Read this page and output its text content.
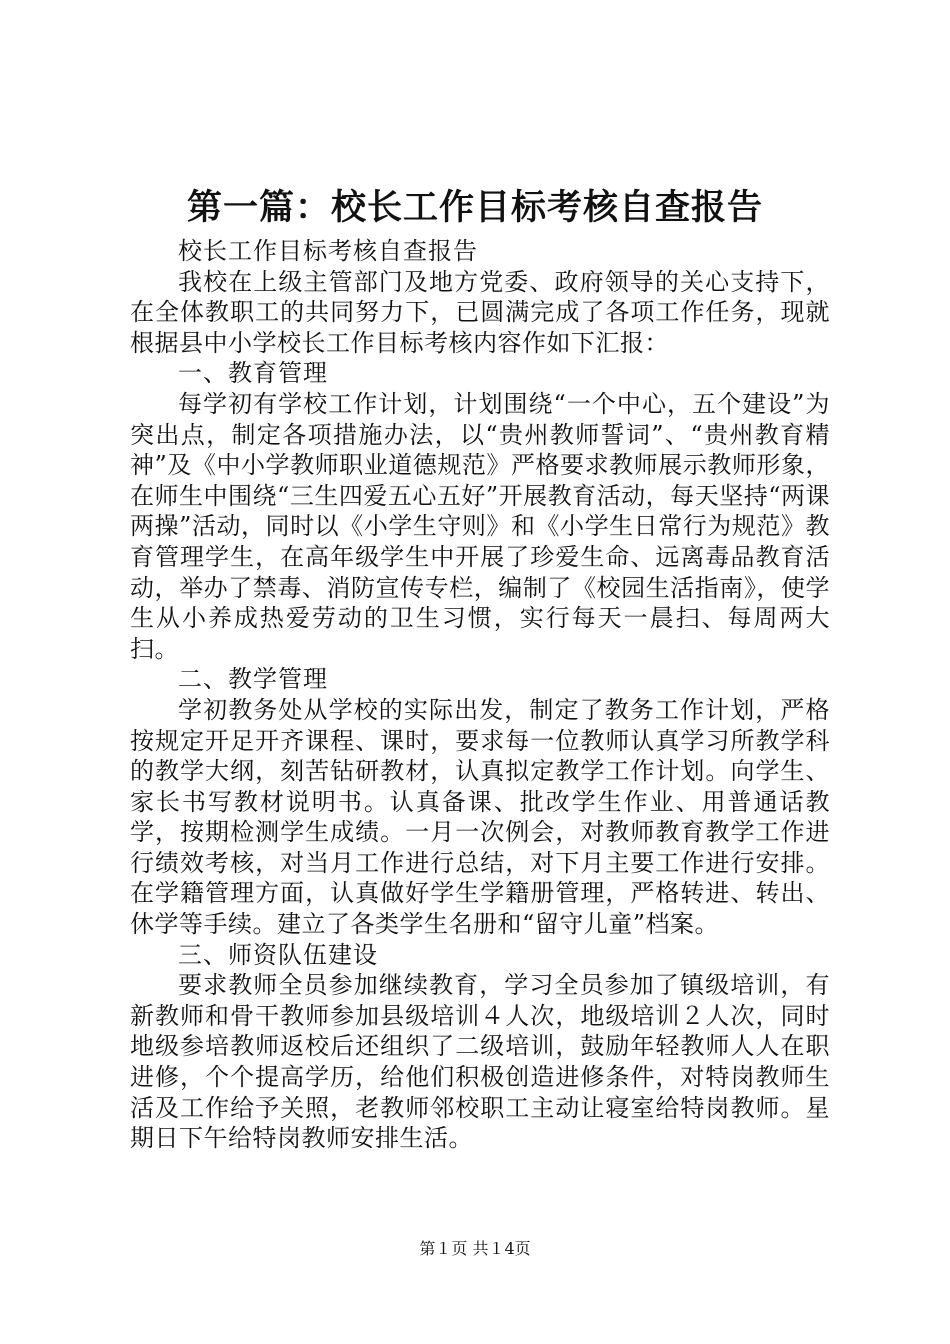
第一篇：校长工作目标考核自查报告

校长工作目标考核自查报告

我校在上级主管部门及地方党委、政府领导的关心支持下，在全体教职工的共同努力下，已圆满完成了各项工作任务，现就根据县中小学校长工作目标考核内容作如下汇报：

一、教育管理

每学初有学校工作计划，计划围绕“一个中心，五个建设”为突出点，制定各项措施办法，以“贵州教师誓词”、“贵州教育精神”及《中小学教师职业道德规范》严格要求教师展示教师形象，在师生中围绕“三生四爱五心五好”开展教育活动，每天坚持“两课两操”活动，同时以《小学生守则》和《小学生日常行为规范》教育管理学生，在高年级学生中开展了珍爱生命、远离毒品教育活动，举办了禁毒、消防宣传专栏，编制了《校园生活指南》，使学生从小养成热爱劳动的卫生习惯，实行每天一晨扫、每周两大扫。

二、教学管理

学初教务处从学校的实际出发，制定了教务工作计划，严格按规定开足开齐课程、课时，要求每一位教师认真学习所教学科的教学大纲，刻苦钻研教材，认真拟定教学工作计划。向学生、家长书写教材说明书。认真备课、批改学生作业、用普通话教学，按期检测学生成绩。一月一次例会，对教师教育教学工作进行绩效考核，对当月工作进行总结，对下月主要工作进行安排。在学籍管理方面，认真做好学生学籍册管理，严格转进、转出、休学等手续。建立了各类学生名册和“留守儿童”档案。

三、师资队伍建设

要求教师全员参加继续教育，学习全员参加了镇级培训，有新教师和骨干教师参加县级培训４人次，地级培训２人次，同时地级参培教师返校后还组织了二级培训，鼓励年轻教师人人在职进修，个个提高学历，给他们积极创造进修条件，对特岗教师生活及工作给予关照，老教师邻校职工主动让寝室给特岗教师。星期日下午给特岗教师安排生活。

第１页 共１4页
